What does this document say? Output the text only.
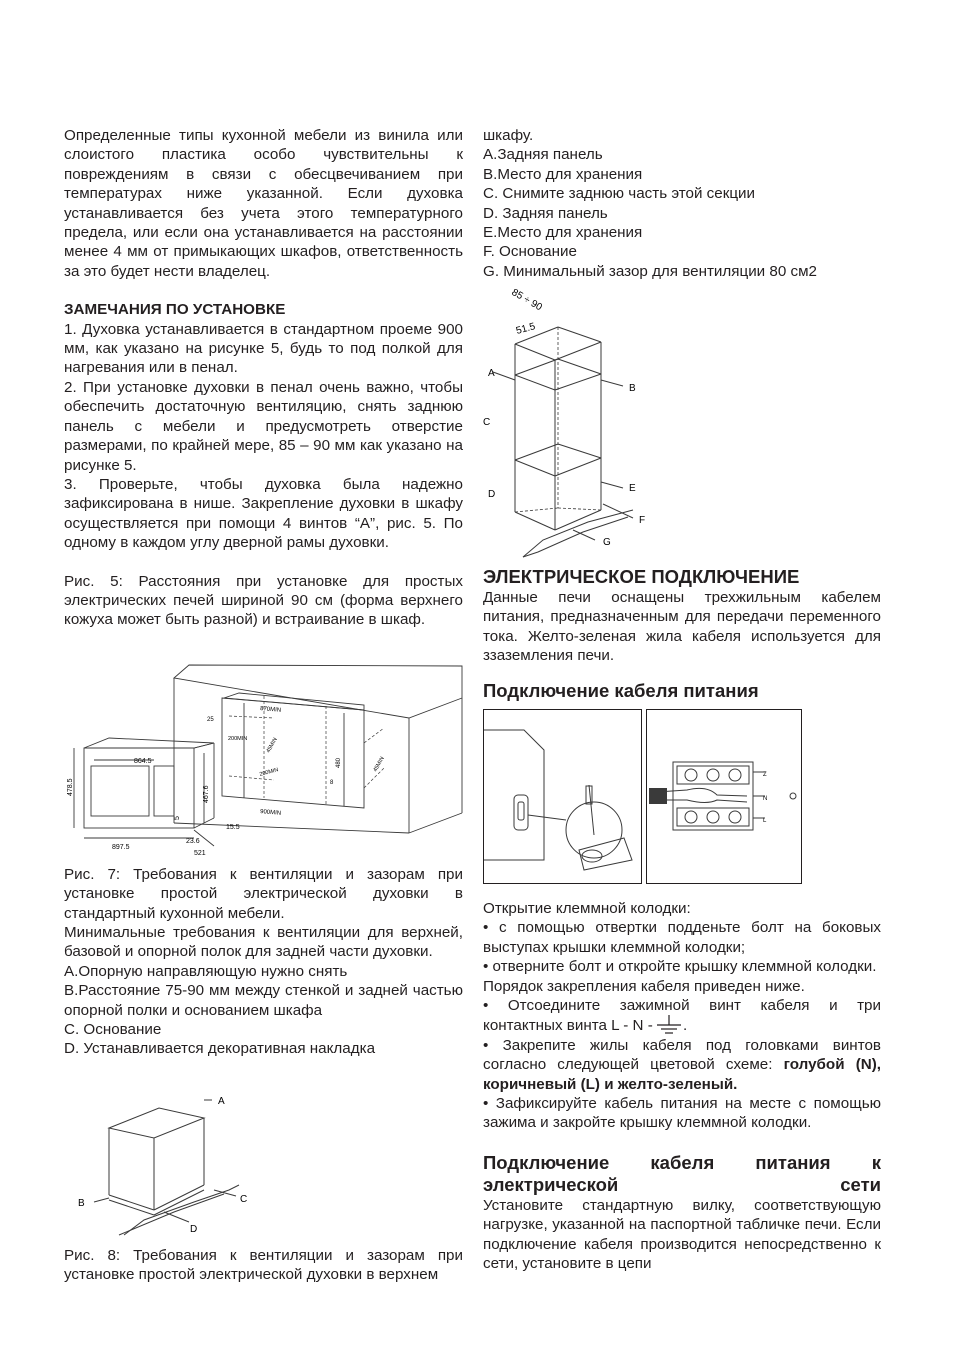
Определенные типы кухонной мебели из винила или слоистого пластика особо чувствительны к повреждениям в связи с обесцвечиванием при температурах ниже указанной. Если духовка устанавливается без учета этого температурного предела, или если она устанавливается на расстоянии менее 4 мм от примыкающих шкафов, ответственность за это будет нести владелец.

ЗАМЕЧАНИЯ ПО УСТАНОВКЕ

1. Духовка устанавливается в стандартном проеме 900 мм, как указано на рисунке 5, будь то под полкой для нагревания или в пенал.

2. При установке духовки в пенал очень важно, чтобы обеспечить достаточную вентиляцию, снять заднюю панель с мебели и предусмотреть отверстие размерами, по крайней мере, 85 – 90 мм как указано на рисунке 5.

3. Проверьте, чтобы духовка была надежно зафиксирована в нише. Закрепление духовки в шкафу осуществляется при помощи 4 винтов “A”, рис. 5. По одному в каждом углу дверной рамы духовки.

Рис. 5: Расстояния при установке для простых электрических печей шириной 90 см (форма верхнего кожуха может быть разной) и встраивание в шкаф.

Рис. 7: Требования к вентиляции и зазорам при установке простой электрической духовки в стандартный кухонной мебели.

Минимальные требования к вентиляции для верхней, базовой и опорной полок для задней части духовки.

A.Опорную направляющую нужно снять

B.Расстояние 75-90 мм между стенкой и задней частью опорной полки и основанием шкафа

C. Основание

D. Устанавливается декоративная накладка

Рис. 8: Требования к вентиляции и зазорам при установке простой электрической духовки в верхнем

шкафу.

A.Задняя панель

B.Место для хранения

C. Снимите заднюю часть этой секции

D. Задняя панель

E.Место для хранения

F. Основание

G. Минимальный зазор для вентиляции 80 см2

ЭЛЕКТРИЧЕСКОЕ ПОДКЛЮЧЕНИЕ

Данные печи оснащены трехжильным кабелем питания, предназначенным для передачи переменного тока. Желто-зеленая жила кабеля используется для ззаземления печи.

Подключение кабеля питания

Открытие клеммной колодки:

• с помощью отвертки подденьте болт на боковых выступах крышки клеммной колодки;

• отверните болт и откройте крышку клеммной колодки.

Порядок закрепления кабеля приведен ниже.

• Отсоедините зажимной винт кабеля и три

контактных винта L - N - .

• Закрепите жилы кабеля под головками винтов согласно следующей цветовой схеме: голубой (N), коричневый (L) и желто-зеленый.

• Зафиксируйте кабель питания на месте с помощью зажима и закройте крышку клеммной колодки.

Подключение кабеля питания к электрической сети

Установите стандартную вилку, соответствующую нагрузке, указанной на паспортной табличке печи. Если подключение кабеля производится непосредственно к сети, установите в цепи

85 ÷ 90
51.5
A
B
C
D
E
F
G
870MIN
900MIN
25
200MIN
200MIN
45MIN
45MIN
480
8
864.5
478.5	467.6
5
23.6
15.5
897.5
521
A
B	C
D
Z
N
L
